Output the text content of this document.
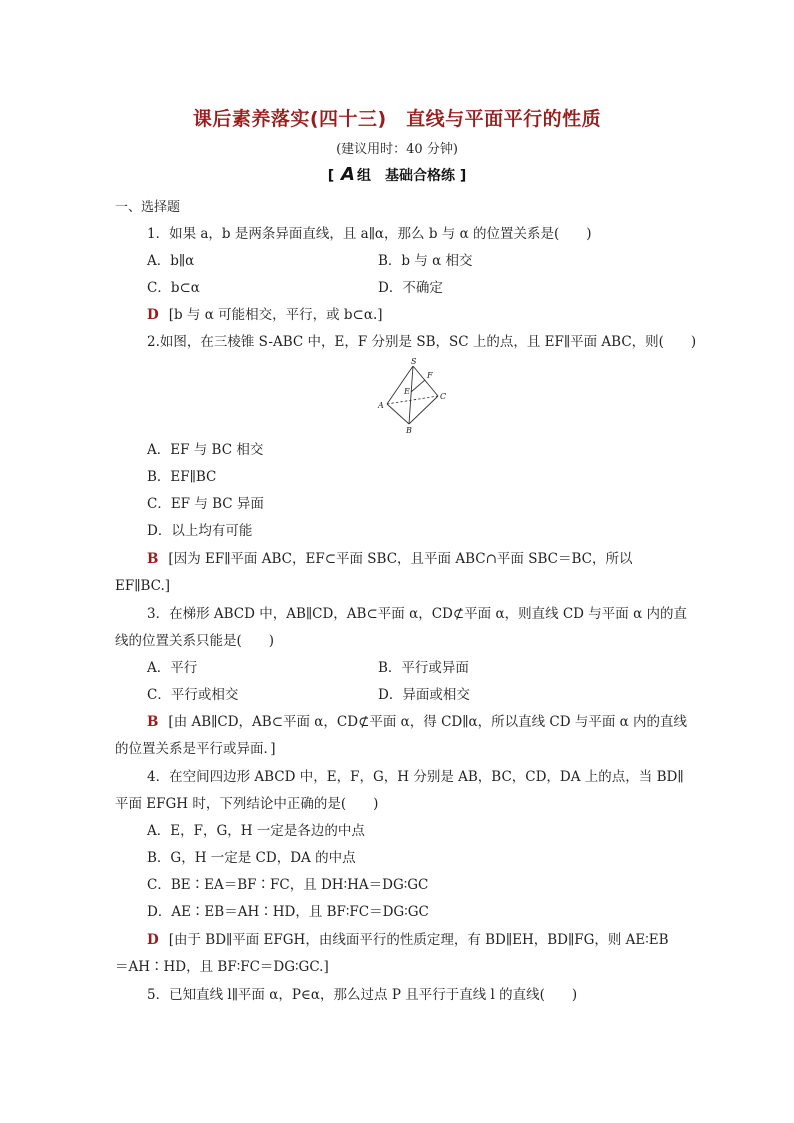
课后素养落实(四十三)　直线与平面平行的性质
(建议用时：40 分钟)
[ A 组　基础合格练 ]
一、选择题
1．如果 a，b 是两条异面直线，且 a∥α，那么 b 与 α 的位置关系是(　　)
A．b∥α	B．b 与 α 相交
C．b⊂α	D．不确定
D [b 与 α 可能相交，平行，或 b⊂α.]
2.如图，在三棱锥 S-ABC 中，E，F 分别是 SB，SC 上的点，且 EF∥平面 ABC，则(　　)
S
F
E
A
C
B
A．EF 与 BC 相交
B．EF∥BC
C．EF 与 BC 异面
D．以上均有可能
B [因为 EF∥平面 ABC，EF⊂平面 SBC，且平面 ABC∩平面 SBC＝BC，所以
EF∥BC.]
3．在梯形 ABCD 中，AB∥CD，AB⊂平面 α，CD⊄平面 α，则直线 CD 与平面 α 内的直
线的位置关系只能是(　　)
A．平行	B．平行或异面
C．平行或相交	D．异面或相交
B [由 AB∥CD，AB⊂平面 α，CD⊄平面 α，得 CD∥α，所以直线 CD 与平面 α 内的直线
的位置关系是平行或异面．]
4．在空间四边形 ABCD 中，E，F，G，H 分别是 AB，BC，CD，DA 上的点，当 BD∥
平面 EFGH 时，下列结论中正确的是(　　)
A．E，F，G，H 一定是各边的中点
B．G，H 一定是 CD，DA 的中点
C．BE∶EA＝BF∶FC，且 DH∶HA＝DG∶GC
D．AE∶EB＝AH∶HD，且 BF∶FC＝DG∶GC
D [由于 BD∥平面 EFGH，由线面平行的性质定理，有 BD∥EH，BD∥FG，则 AE∶EB
＝AH∶HD，且 BF∶FC＝DG∶GC.]
5．已知直线 l∥平面 α，P∈α，那么过点 P 且平行于直线 l 的直线(　　)
